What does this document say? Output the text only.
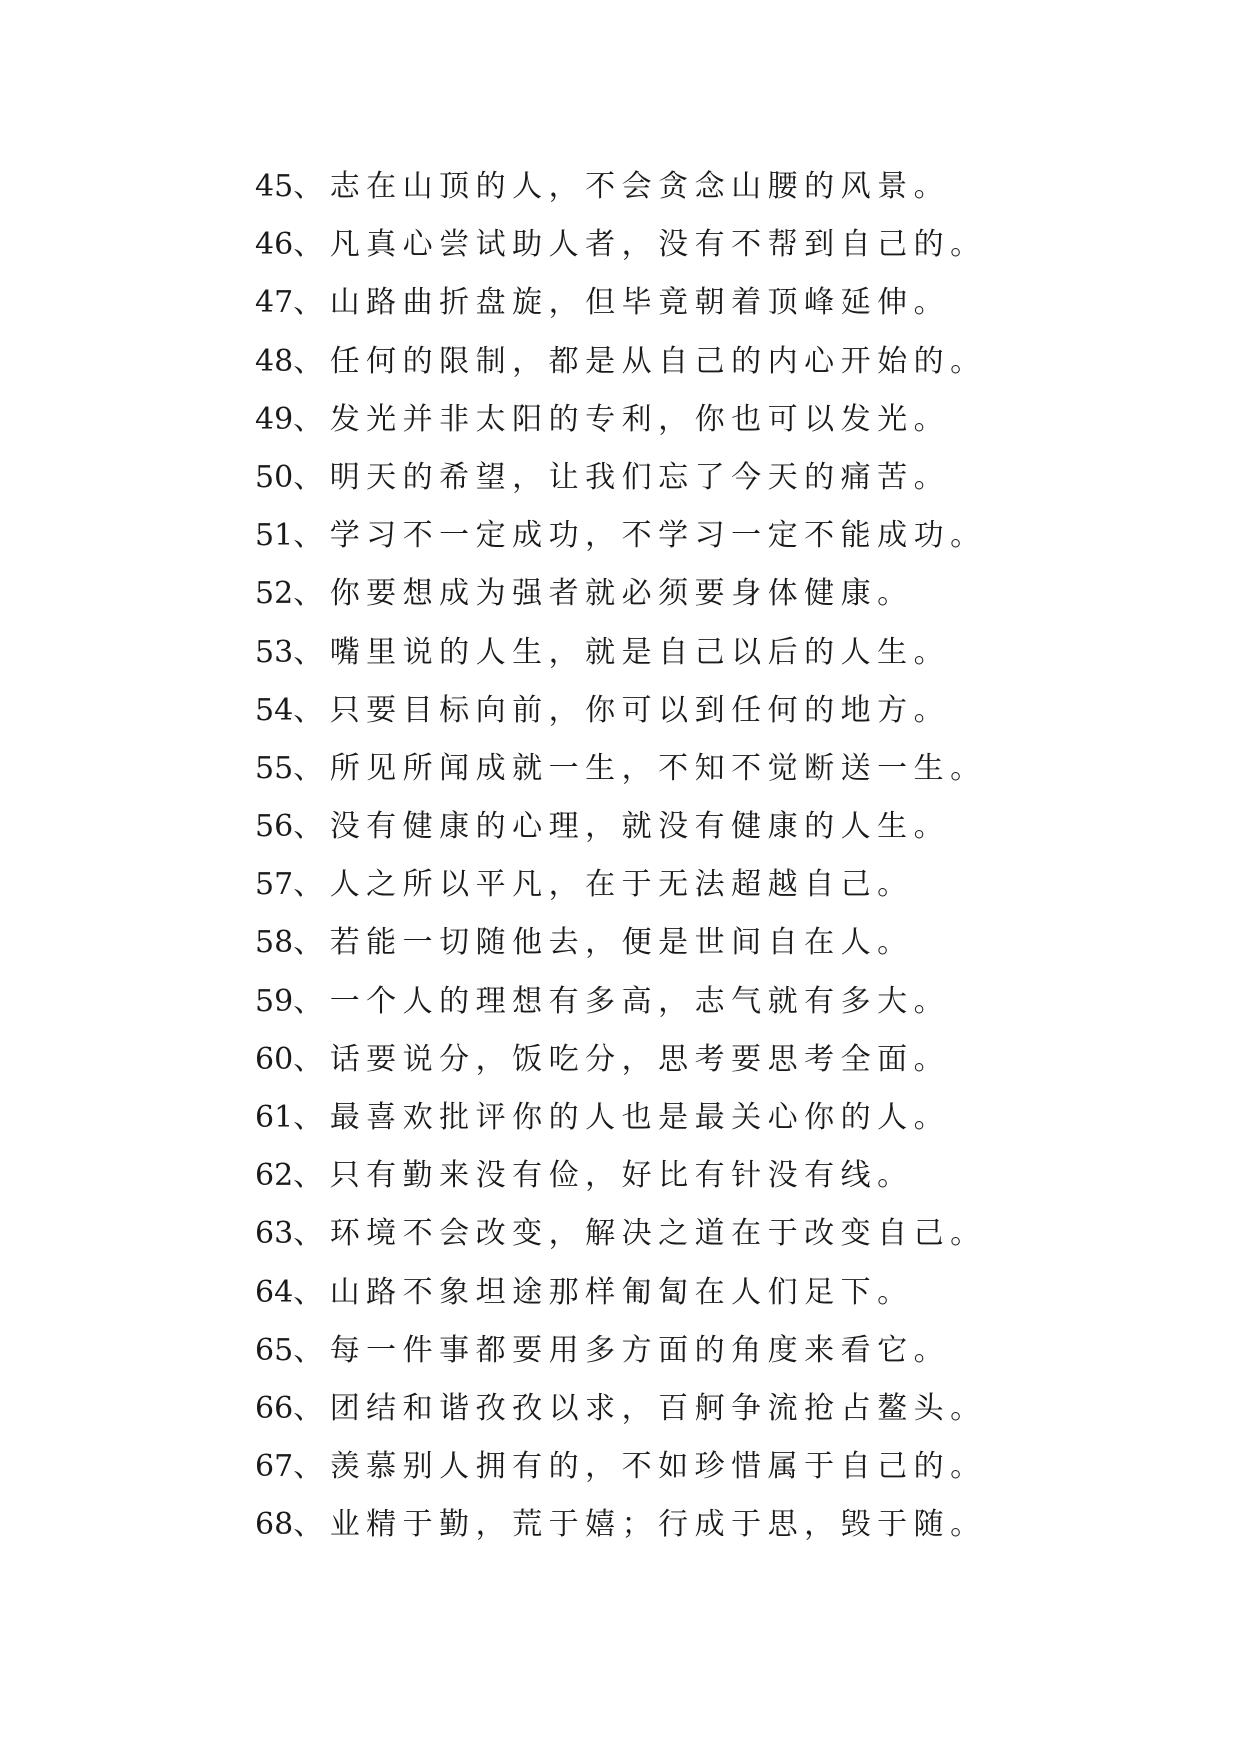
45、志在山顶的人，不会贪念山腰的风景。
46、凡真心尝试助人者，没有不帮到自己的。
47、山路曲折盘旋，但毕竟朝着顶峰延伸。
48、任何的限制，都是从自己的内心开始的。
49、发光并非太阳的专利，你也可以发光。
50、明天的希望，让我们忘了今天的痛苦。
51、学习不一定成功，不学习一定不能成功。
52、你要想成为强者就必须要身体健康。
53、嘴里说的人生，就是自己以后的人生。
54、只要目标向前，你可以到任何的地方。
55、所见所闻成就一生，不知不觉断送一生。
56、没有健康的心理，就没有健康的人生。
57、人之所以平凡，在于无法超越自己。
58、若能一切随他去，便是世间自在人。
59、一个人的理想有多高，志气就有多大。
60、话要说分，饭吃分，思考要思考全面。
61、最喜欢批评你的人也是最关心你的人。
62、只有勤来没有俭，好比有针没有线。
63、环境不会改变，解决之道在于改变自己。
64、山路不象坦途那样匍匐在人们足下。
65、每一件事都要用多方面的角度来看它。
66、团结和谐孜孜以求，百舸争流抢占鳌头。
67、羡慕别人拥有的，不如珍惜属于自己的。
68、业精于勤，荒于嬉；行成于思，毁于随。
